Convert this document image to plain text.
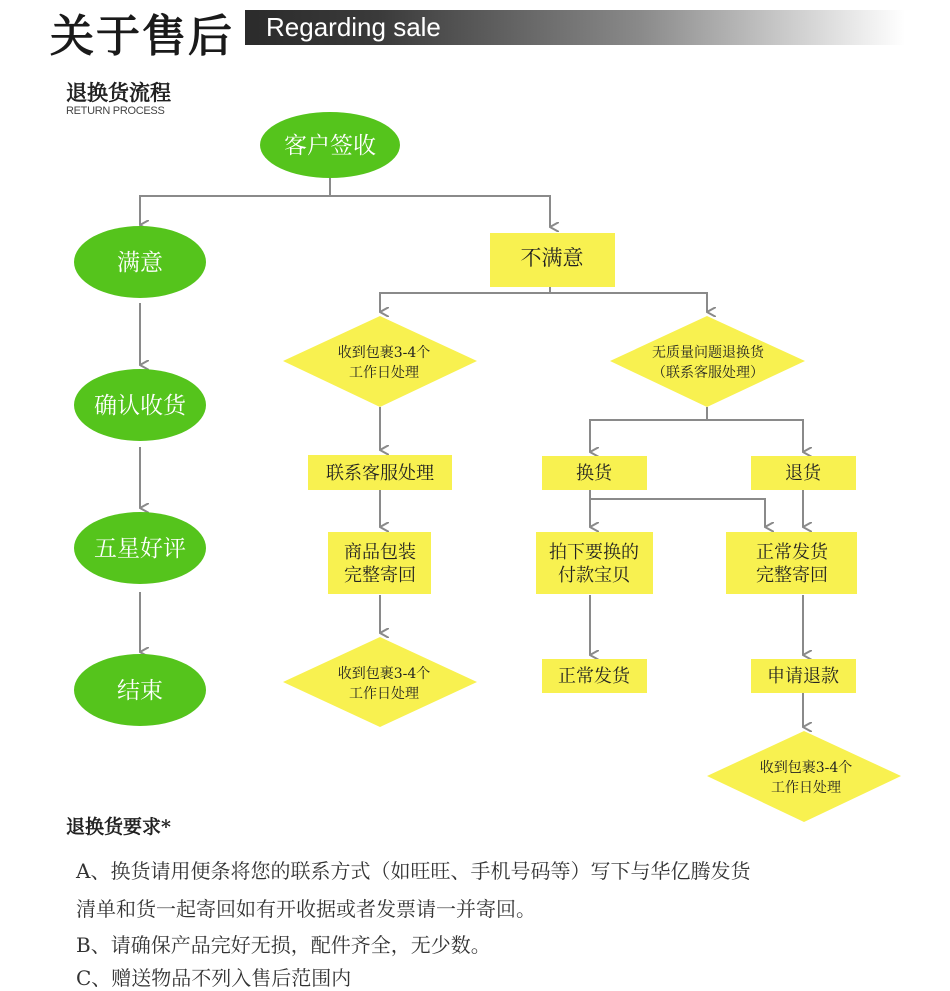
关于售后 Regarding sale
退换货流程
RETURN PROCESS
客户签收
满意
确认收货
五星好评
结束
不满意
收到包裹3-4个
工作日处理
无质量问题退换货
（联系客服处理）
联系客服处理	换货	退货
商品包装
完整寄回
拍下要换的
付款宝贝
正常发货
完整寄回
收到包裹3-4个
工作日处理
正常发货	申请退款
收到包裹3-4个
工作日处理
退换货要求*
A、换货请用便条将您的联系方式（如旺旺、手机号码等）写下与华亿腾发货
清单和货一起寄回如有开收据或者发票请一并寄回。
B、请确保产品完好无损，配件齐全，无少数。
C、赠送物品不列入售后范围内
